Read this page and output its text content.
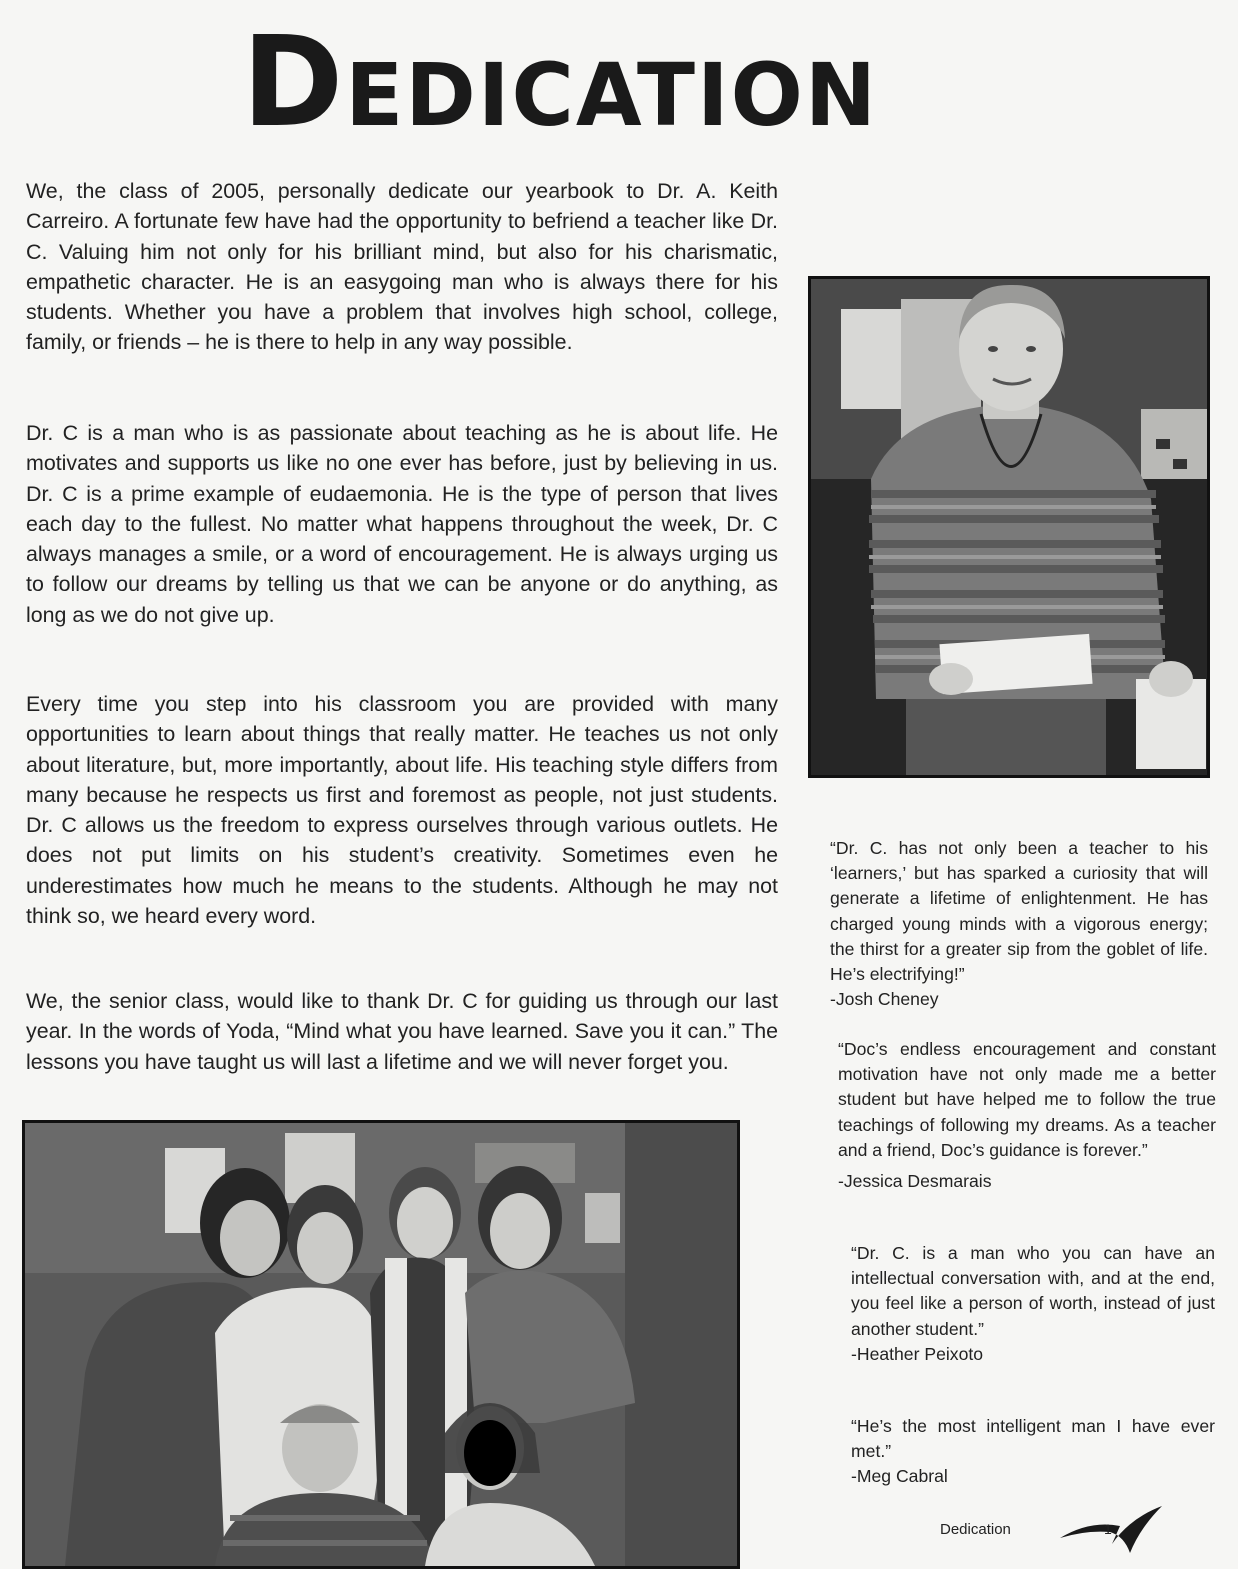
Dedication

We, the class of 2005, personally dedicate our yearbook to Dr. A. Keith Carreiro. A fortunate few have had the opportunity to befriend a teacher like Dr. C. Valuing him not only for his brilliant mind, but also for his charismatic, empathetic character. He is an easygoing man who is always there for his students. Whether you have a problem that involves high school, college, family, or friends – he is there to help in any way possible.

Dr. C is a man who is as passionate about teaching as he is about life. He motivates and supports us like no one ever has before, just by believing in us. Dr. C is a prime example of eudaemonia. He is the type of person that lives each day to the fullest. No matter what happens throughout the week, Dr. C always manages a smile, or a word of encouragement. He is always urging us to follow our dreams by telling us that we can be anyone or do anything, as long as we do not give up.

Every time you step into his classroom you are provided with many opportunities to learn about things that really matter. He teaches us not only about literature, but, more importantly, about life. His teaching style differs from many because he respects us first and foremost as people, not just students. Dr. C allows us the freedom to express ourselves through various outlets. He does not put limits on his student’s creativity. Sometimes even he underestimates how much he means to the students. Although he may not think so, we heard every word.

We, the senior class, would like to thank Dr. C for guiding us through our last year. In the words of Yoda, “Mind what you have learned. Save you it can.” The lessons you have taught us will last a lifetime and we will never forget you.

“Dr. C. has not only been a teacher to his ‘learners,’ but has sparked a curiosity that will generate a lifetime of enlightenment. He has charged young minds with a vigorous energy; the thirst for a greater sip from the goblet of life. He’s electrifying!”
-Josh Cheney
“Doc’s endless encouragement and constant motivation have not only made me a better student but have helped me to follow the true teachings of following my dreams. As a teacher and a friend, Doc’s guidance is forever.”
-Jessica Desmarais
“Dr. C. is a man who you can have an intellectual conversation with, and at the end, you feel like a person of worth, instead of just another student.”
-Heather Peixoto
“He’s the most intelligent man I have ever met.”
-Meg Cabral
Dedication	1
